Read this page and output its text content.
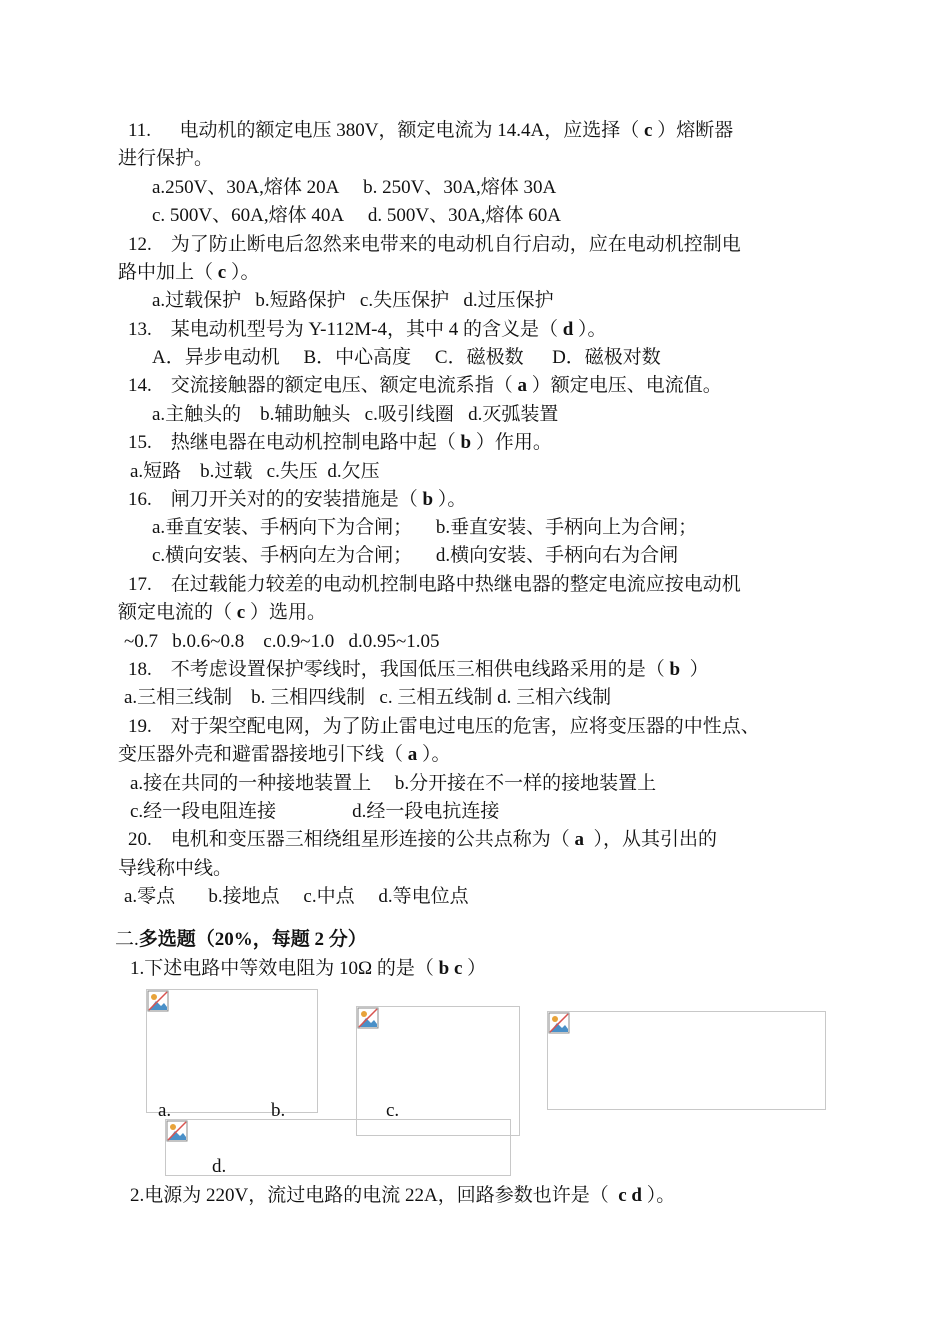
11.      电动机的额定电压 380V，额定电流为 14.4A，应选择（ c ）熔断器
进行保护。
a.250V、30A,熔体 20A     b. 250V、30A,熔体 30A
c. 500V、60A,熔体 40A     d. 500V、30A,熔体 60A
12.    为了防止断电后忽然来电带来的电动机自行启动，应在电动机控制电
路中加上（ c ）。
a.过载保护   b.短路保护   c.失压保护   d.过压保护
13.    某电动机型号为 Y-112M-4，其中 4 的含义是（ d ）。
A．异步电动机     B．中心高度     C．磁极数      D．磁极对数
14.    交流接触器的额定电压、额定电流系指（ a ）额定电压、电流值。
a.主触头的    b.辅助触头   c.吸引线圈   d.灭弧装置
15.    热继电器在电动机控制电路中起（ b ）作用。
a.短路    b.过载   c.失压  d.欠压
16.    闸刀开关对的的安装措施是（ b ）。
a.垂直安装、手柄向下为合闸；     b.垂直安装、手柄向上为合闸；
c.横向安装、手柄向左为合闸；     d.横向安装、手柄向右为合闸
17.    在过载能力较差的电动机控制电路中热继电器的整定电流应按电动机
额定电流的（ c ）选用。
~0.7   b.0.6~0.8    c.0.9~1.0   d.0.95~1.05
18.    不考虑设置保护零线时，我国低压三相供电线路采用的是（ b  ）
a.三相三线制    b. 三相四线制   c. 三相五线制 d. 三相六线制
19.    对于架空配电网，为了防止雷电过电压的危害，应将变压器的中性点、
变压器外壳和避雷器接地引下线（ a ）。
a.接在共同的一种接地装置上     b.分开接在不一样的接地装置上
c.经一段电阻连接                d.经一段电抗连接
20.    电机和变压器三相绕组星形连接的公共点称为（ a  ），从其引出的
导线称中线。
a.零点       b.接地点     c.中点     d.等电位点
二.多选题（20%，每题 2 分）
1.下述电路中等效电阻为 10Ω 的是（ b c ）
a.	b.	c.
d.
2.电源为 220V，流过电路的电流 22A，回路参数也许是（  c d ）。
